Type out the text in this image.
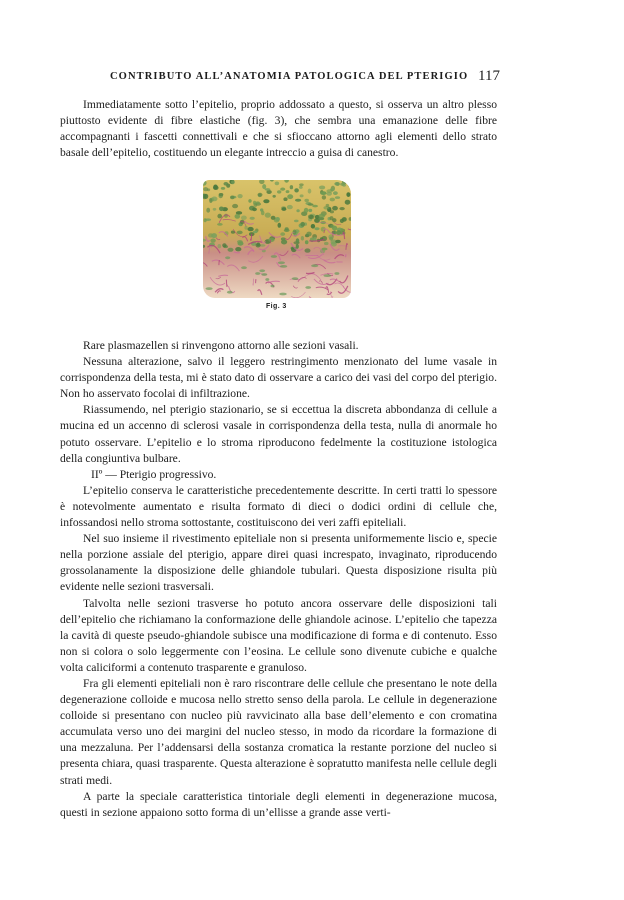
CONTRIBUTO ALL’ANATOMIA PATOLOGICA DEL PTERIGIO 117

Immediatamente sotto l’epitelio, proprio addossato a questo, si osserva un altro plesso piuttosto evidente di fibre elastiche (fig. 3), che sembra una emanazione delle fibre accompagnanti i fascetti connettivali e che si sfioccano attorno agli elementi dello strato basale dell’epitelio, costituendo un elegante intreccio a guisa di canestro.

Fig. 3

Rare plasmazellen si rinvengono attorno alle sezioni vasali.

Nessuna alterazione, salvo il leggero restringimento menzionato del lume vasale in corrispondenza della testa, mi è stato dato di osservare a carico dei vasi del corpo del pterigio. Non ho asservato focolai di infiltrazione.

Riassumendo, nel pterigio stazionario, se si eccettua la discreta abbondanza di cellule a mucina ed un accenno di sclerosi vasale in corrispondenza della testa, nulla di anormale ho potuto osservare. L’epitelio e lo stroma riproducono fedelmente la costituzione istologica della congiuntiva bulbare.

IIº — Pterigio progressivo.

L’epitelio conserva le caratteristiche precedentemente descritte. In certi tratti lo spessore è notevolmente aumentato e risulta formato di dieci o dodici ordini di cellule che, infossandosi nello stroma sottostante, costituiscono dei veri zaffi epiteliali.

Nel suo insieme il rivestimento epiteliale non si presenta uniformemente liscio e, specie nella porzione assiale del pterigio, appare direi quasi increspato, invaginato, riproducendo grossolanamente la disposizione delle ghiandole tubulari. Questa disposizione risulta più evidente nelle sezioni trasversali.

Talvolta nelle sezioni trasverse ho potuto ancora osservare delle disposizioni tali dell’epitelio che richiamano la conformazione delle ghiandole acinose. L’epitelio che tapezza la cavità di queste pseudo-ghiandole subisce una modificazione di forma e di contenuto. Esso non si colora o solo leggermente con l’eosina. Le cellule sono divenute cubiche e qualche volta caliciformi a contenuto trasparente e granuloso.

Fra gli elementi epiteliali non è raro riscontrare delle cellule che presentano le note della degenerazione colloide e mucosa nello stretto senso della parola. Le cellule in degenerazione colloide si presentano con nucleo più ravvicinato alla base dell’elemento e con cromatina accumulata verso uno dei margini del nucleo stesso, in modo da ricordare la formazione di una mezzaluna. Per l’addensarsi della sostanza cromatica la restante porzione del nucleo si presenta chiara, quasi trasparente. Questa alterazione è sopratutto manifesta nelle cellule degli strati medi.

A parte la speciale caratteristica tintoriale degli elementi in degenerazione mucosa, questi in sezione appaiono sotto forma di un’ellisse a grande asse verti-
